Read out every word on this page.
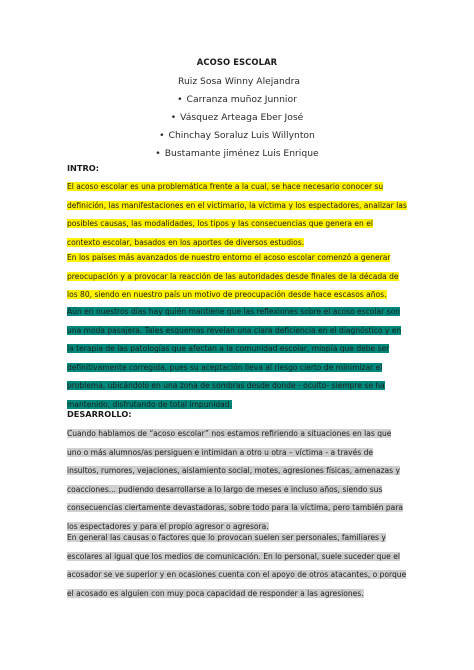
ACOSO ESCOLAR
Ruiz Sosa Winny Alejandra
• Carranza muñoz Junnior
• Vásquez Arteaga Eber José
• Chinchay Soraluz Luis Willynton
• Bustamante jiménez Luis Enrique

INTRO:

El acoso escolar es una problemática frente a la cual, se hace necesario conocer su definición, las manifestaciones en el victimario, la víctima y los espectadores, analizar las posibles causas, las modalidades, los tipos y las consecuencias que genera en el contexto escolar, basados en los aportes de diversos estudios.

En los países más avanzados de nuestro entorno el acoso escolar comenzó a generar preocupación y a provocar la reacción de las autoridades desde finales de la década de los 80, siendo en nuestro país un motivo de preocupación desde hace escasos años.

Aún en nuestros días hay quién mantiene que las reflexiones sobre el acoso escolar son una moda pasajera. Tales esquemas revelan una clara deficiencia en el diagnóstico y en la terapia de las patologías que afectan a la comunidad escolar, miopía que debe ser definitivamente corregida, pues su aceptación lleva al riesgo cierto de minimizar el problema, ubicándolo en una zona de sombras desde donde - oculto- siempre se ha mantenido, disfrutando de total impunidad.

DESARROLLO:

Cuando hablamos de “acoso escolar” nos estamos refiriendo a situaciones en las que uno o más alumnos/as persiguen e intimidan a otro u otra – víctima - a través de insultos, rumores, vejaciones, aislamiento social, motes, agresiones físicas, amenazas y coacciones... pudiendo desarrollarse a lo largo de meses e incluso años, siendo sus consecuencias ciertamente devastadoras, sobre todo para la víctima, pero también para los espectadores y para el propio agresor o agresora.

En general las causas o factores que lo provocan suelen ser personales, familiares y escolares al igual que los medios de comunicación. En lo personal, suele suceder que el acosador se ve superior y en ocasiones cuenta con el apoyo de otros atacantes, o porque el acosado es alguien con muy poca capacidad de responder a las agresiones.
